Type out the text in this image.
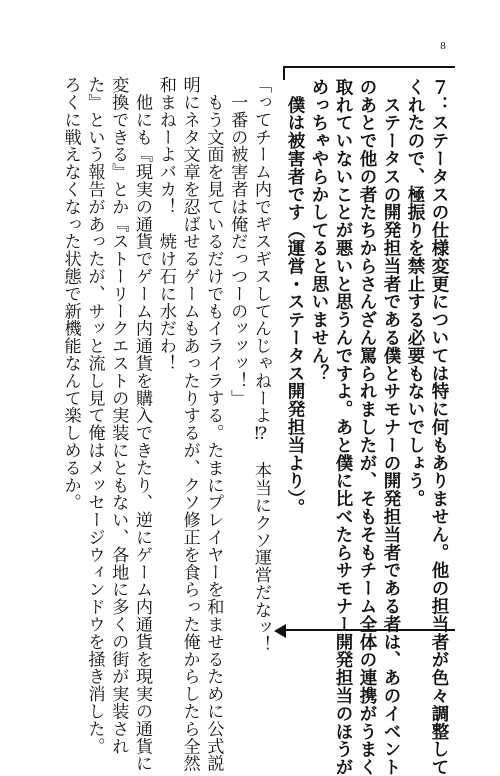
8

７：ステータスの仕様変更については特に何もありません。他の担当者が色々調整して

くれたので、極振りを禁止する必要もないでしょう。

　ステータスの開発担当者である僕とサモナーの開発担当者である者は、あのイベント

のあとで他の者たちからさんざん罵られましたが、そもそもチーム全体の連携がうまく

取れていないことが悪いと思うんですよ。あと僕に比べたらサモナー開発担当のほうが

めっちゃやらかしてると思いません？

　僕は被害者です（運営・ステータス開発担当より）。

「ってチーム内でギスギスしてんじゃねーよ⁉　本当にクソ運営だなッ！

　一番の被害者は俺だっつーのッッッ！」

　もう文面を見ているだけでもイライラする。たまにプレイヤーを和ませるために公式説

明にネタ文章を忍ばせるゲームもあったりするが、クソ修正を食らった俺からしたら全然

和まねーよバカ！　焼け石に水だわ！

　他にも『現実の通貨でゲーム内通貨を購入できたり、逆にゲーム内通貨を現実の通貨に

変換できる』とか『ストーリークエストの実装にともない、各地に多くの街が実装され

た』という報告があったが、サッと流し見て俺はメッセージウィンドウを掻き消した。

ろくに戦えなくなった状態で新機能なんて楽しめるか。
